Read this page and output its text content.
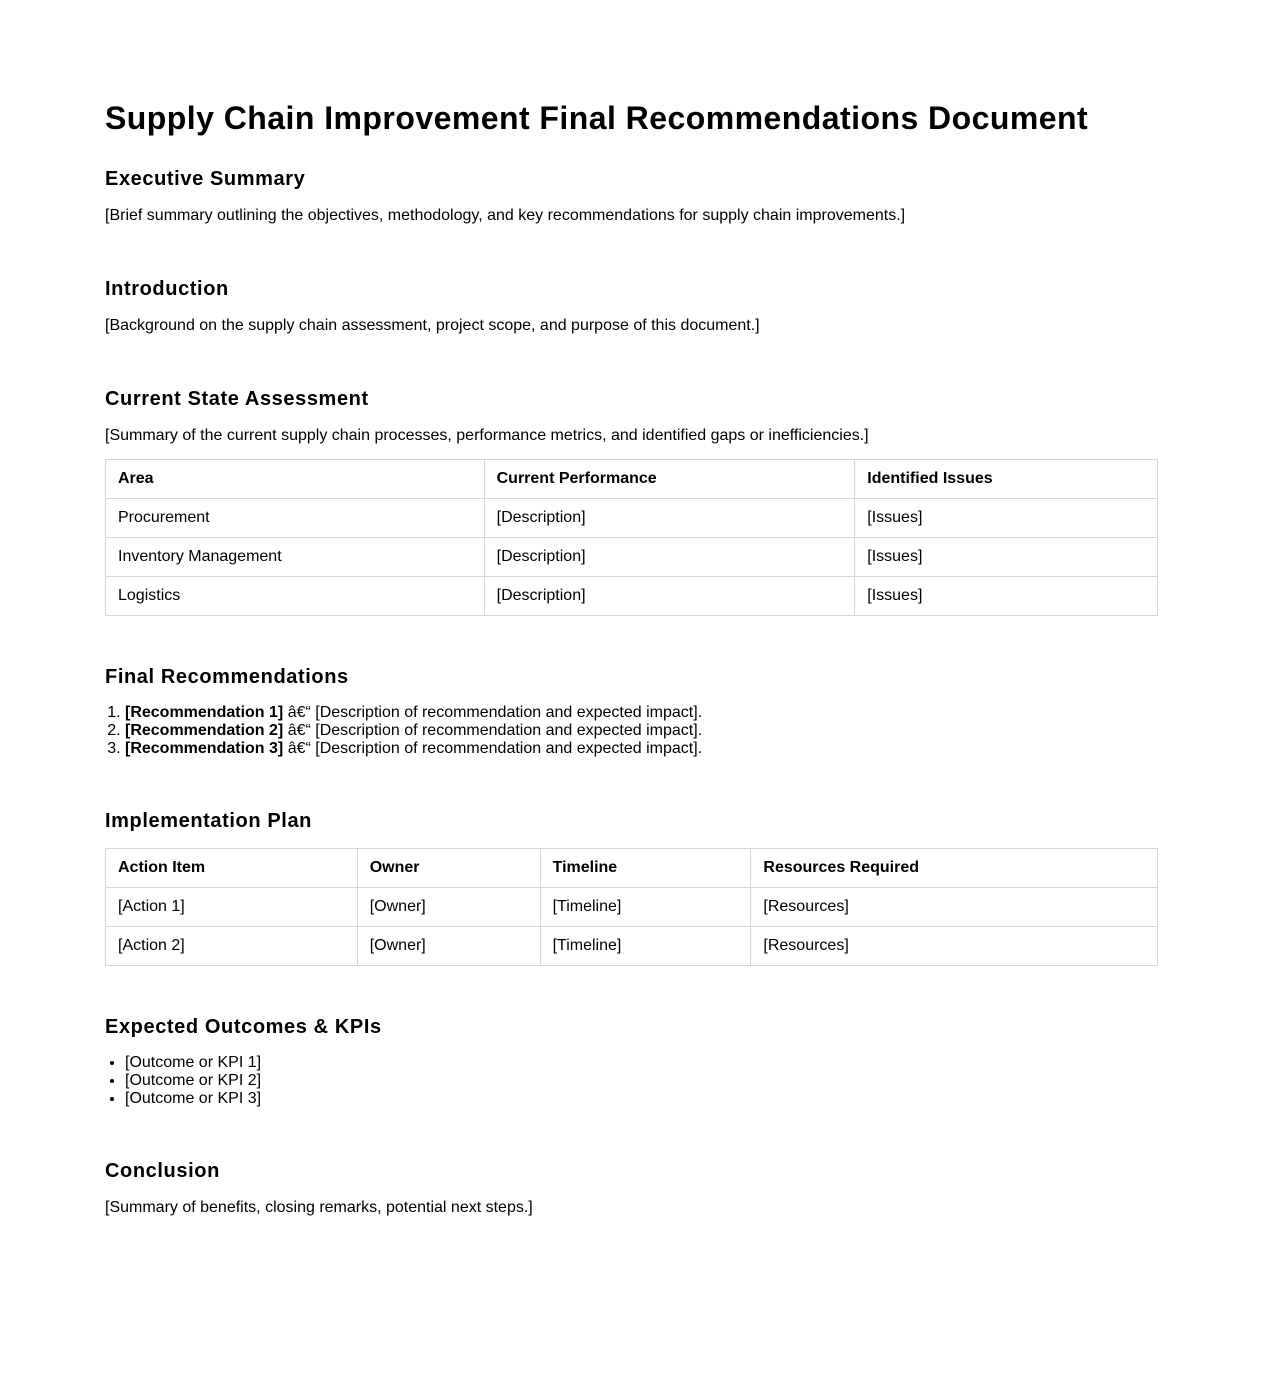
Supply Chain Improvement Final Recommendations Document
Executive Summary

[Brief summary outlining the objectives, methodology, and key recommendations for supply chain improvements.]

Introduction

[Background on the supply chain assessment, project scope, and purpose of this document.]

Current State Assessment

[Summary of the current supply chain processes, performance metrics, and identified gaps or inefficiencies.]

Area	Current Performance	Identified Issues
Procurement	[Description]	[Issues]
Inventory Management	[Description]	[Issues]
Logistics	[Description]	[Issues]
Final Recommendations
1. [Recommendation 1] â€“ [Description of recommendation and expected impact].
2. [Recommendation 2] â€“ [Description of recommendation and expected impact].
3. [Recommendation 3] â€“ [Description of recommendation and expected impact].
Implementation Plan
Action Item	Owner	Timeline	Resources Required
[Action 1]	[Owner]	[Timeline]	[Resources]
[Action 2]	[Owner]	[Timeline]	[Resources]
Expected Outcomes & KPIs
• [Outcome or KPI 1]
• [Outcome or KPI 2]
• [Outcome or KPI 3]
Conclusion

[Summary of benefits, closing remarks, potential next steps.]
